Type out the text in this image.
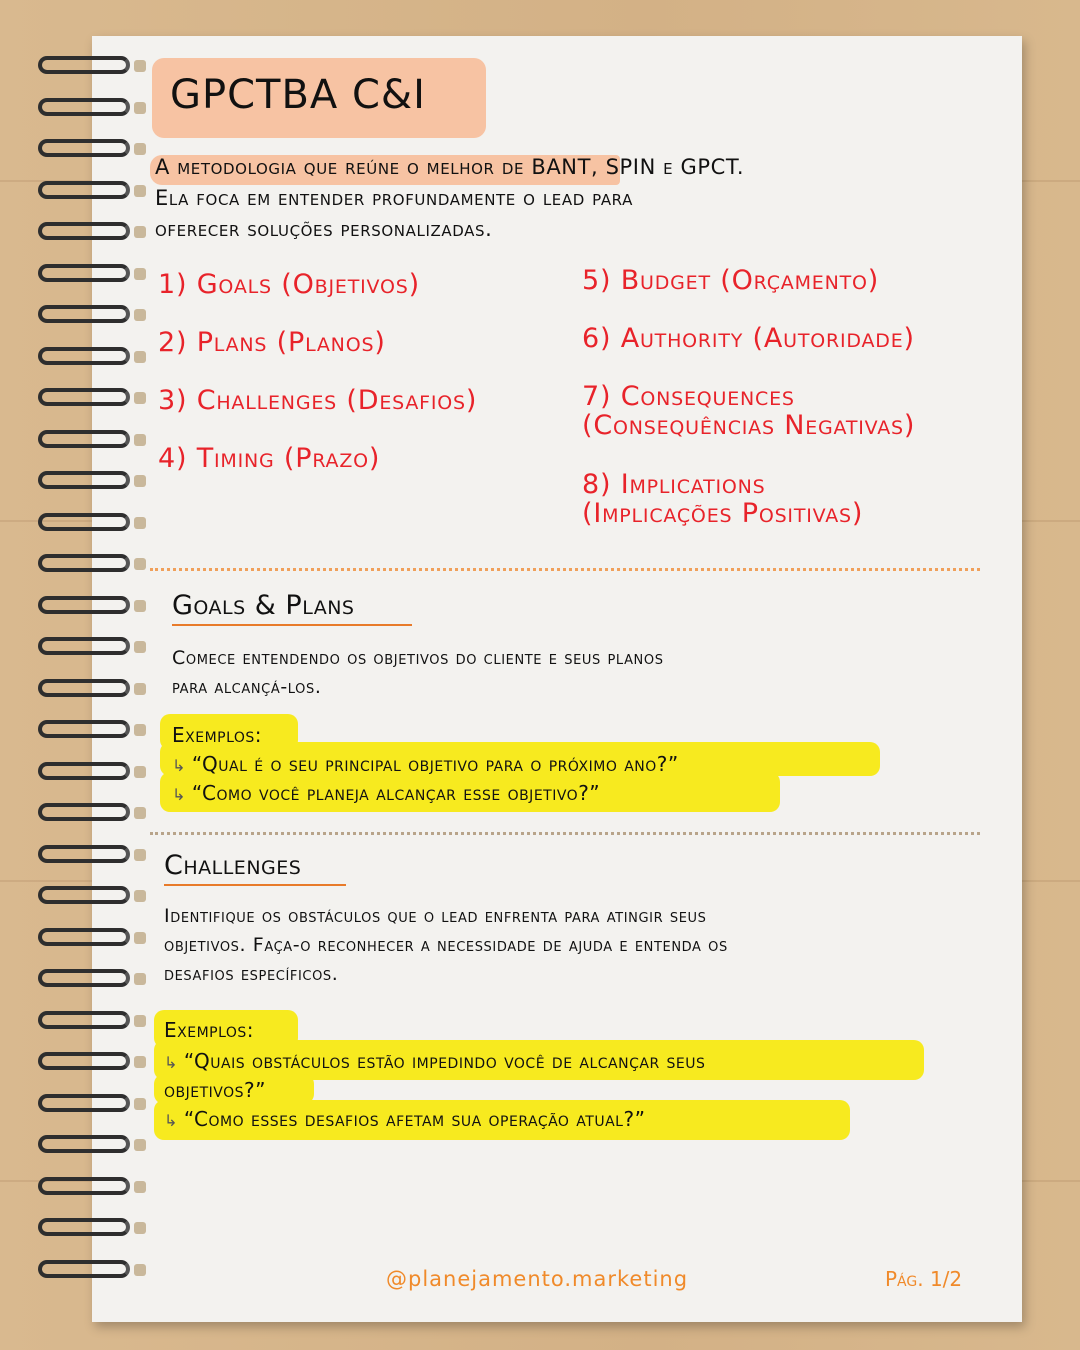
GPCTBA C&I
A metodologia que reúne o melhor de BANT, SPIN e GPCT.
Ela foca em entender profundamente o lead para
oferecer soluções personalizadas.
1) Goals (Objetivos)
2) Plans (Planos)
3) Challenges (Desafios)
4) Timing (Prazo)
5) Budget (Orçamento)
6) Authority (Autoridade)
7) Consequences
(Consequências Negativas)
8) Implications
(Implicações Positivas)
Goals & Plans
Comece entendendo os objetivos do cliente e seus planos
para alcançá-los.
Exemplos:
↳ “Qual é o seu principal objetivo para o próximo ano?”
↳ “Como você planeja alcançar esse objetivo?”
Challenges
Identifique os obstáculos que o lead enfrenta para atingir seus
objetivos. Faça-o reconhecer a necessidade de ajuda e entenda os
desafios específicos.
Exemplos:
↳ “Quais obstáculos estão impedindo você de alcançar seus
objetivos?”
↳ “Como esses desafios afetam sua operação atual?”
@planejamento.marketing	Pág. 1/2
